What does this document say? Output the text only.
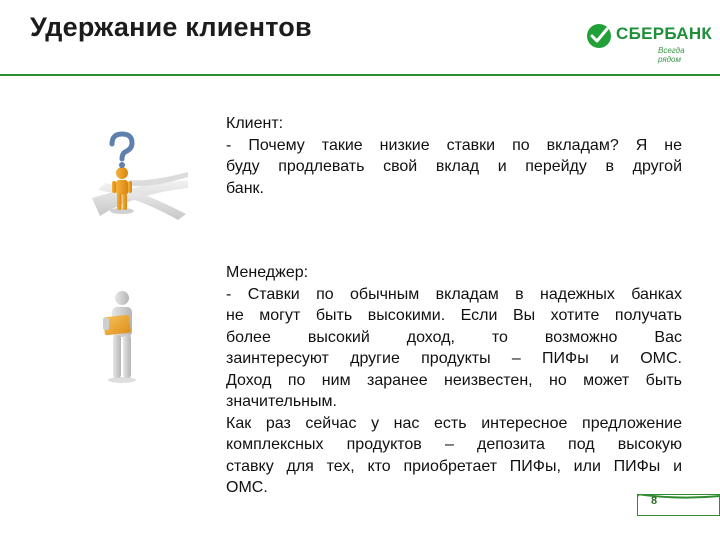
Удержание клиентов	СБЕРБАНК
Всегда рядом
Клиент:
- Почему такие низкие ставки по вкладам? Я не
буду продлевать свой вклад и перейду в другой
банк.
Менеджер:
- Ставки по обычным вкладам в надежных банках
не могут быть высокими. Если Вы хотите получать
более высокий доход, то возможно Вас
заинтересуют другие продукты – ПИФы и ОМС.
Доход по ним заранее неизвестен, но может быть
значительным.
Как раз сейчас у нас есть интересное предложение
комплексных продуктов – депозита под высокую
ставку для тех, кто приобретает ПИФы, или ПИФы и
ОМС.
8
